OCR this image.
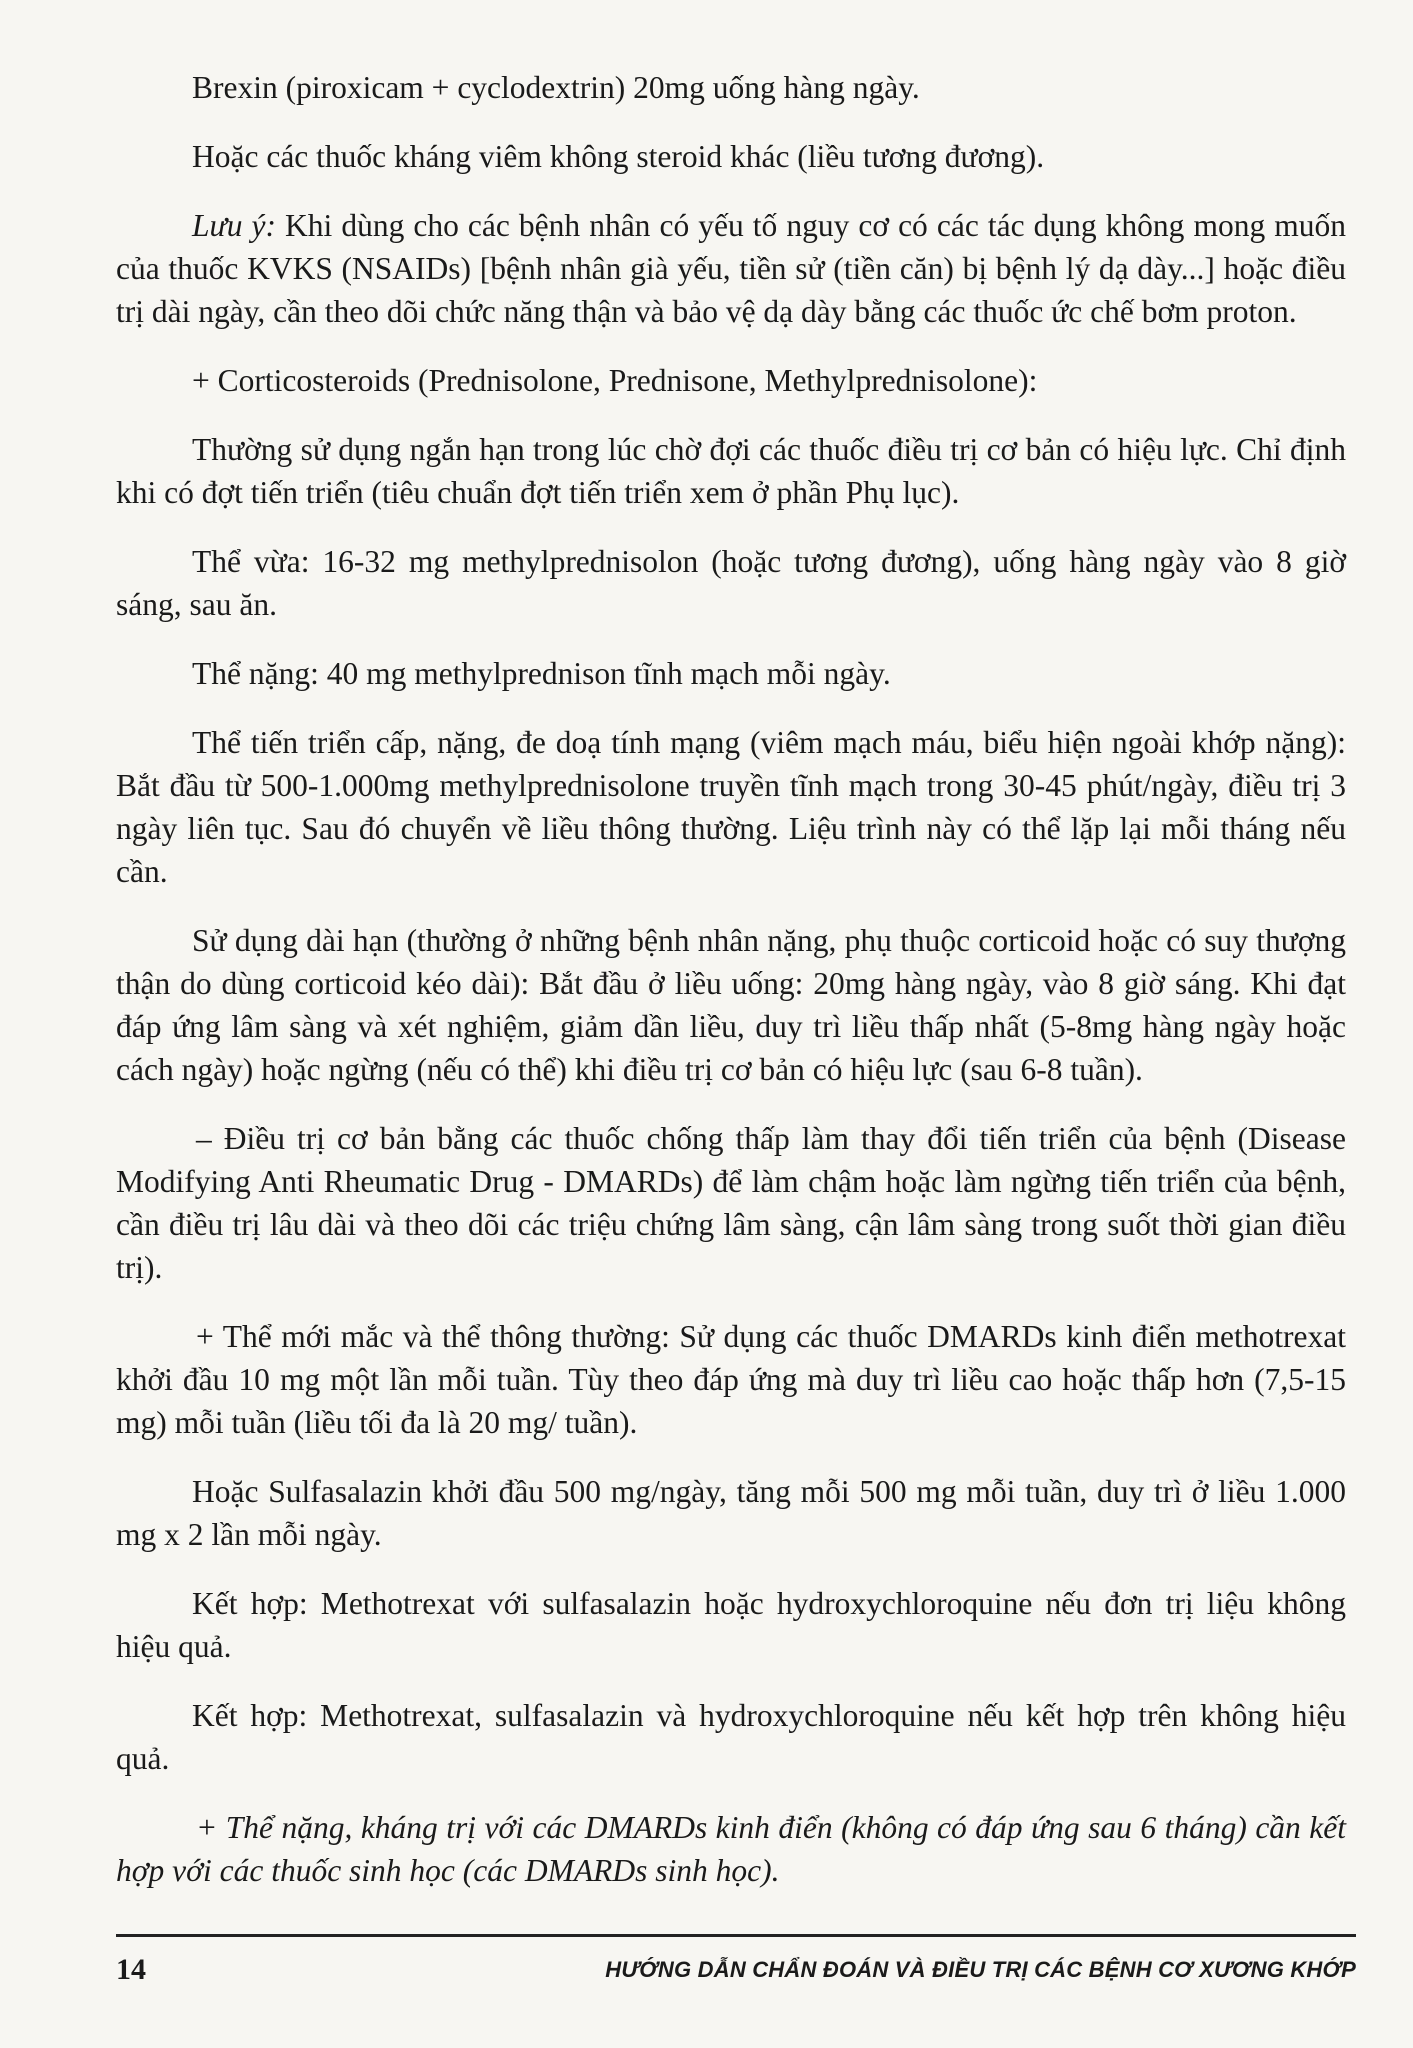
Brexin (piroxicam + cyclodextrin) 20mg uống hàng ngày.

Hoặc các thuốc kháng viêm không steroid khác (liều tương đương).

Lưu ý: Khi dùng cho các bệnh nhân có yếu tố nguy cơ có các tác dụng không mong muốn của thuốc KVKS (NSAIDs) [bệnh nhân già yếu, tiền sử (tiền căn) bị bệnh lý dạ dày...] hoặc điều trị dài ngày, cần theo dõi chức năng thận và bảo vệ dạ dày bằng các thuốc ức chế bơm proton.

+ Corticosteroids (Prednisolone, Prednisone, Methylprednisolone):

Thường sử dụng ngắn hạn trong lúc chờ đợi các thuốc điều trị cơ bản có hiệu lực. Chỉ định khi có đợt tiến triển (tiêu chuẩn đợt tiến triển xem ở phần Phụ lục).

Thể vừa: 16-32 mg methylprednisolon (hoặc tương đương), uống hàng ngày vào 8 giờ sáng, sau ăn.

Thể nặng: 40 mg methylprednison tĩnh mạch mỗi ngày.

Thể tiến triển cấp, nặng, đe doạ tính mạng (viêm mạch máu, biểu hiện ngoài khớp nặng): Bắt đầu từ 500-1.000mg methylprednisolone truyền tĩnh mạch trong 30-45 phút/ngày, điều trị 3 ngày liên tục. Sau đó chuyển về liều thông thường. Liệu trình này có thể lặp lại mỗi tháng nếu cần.

Sử dụng dài hạn (thường ở những bệnh nhân nặng, phụ thuộc corticoid hoặc có suy thượng thận do dùng corticoid kéo dài): Bắt đầu ở liều uống: 20mg hàng ngày, vào 8 giờ sáng. Khi đạt đáp ứng lâm sàng và xét nghiệm, giảm dần liều, duy trì liều thấp nhất (5-8mg hàng ngày hoặc cách ngày) hoặc ngừng (nếu có thể) khi điều trị cơ bản có hiệu lực (sau 6-8 tuần).

– Điều trị cơ bản bằng các thuốc chống thấp làm thay đổi tiến triển của bệnh (Disease Modifying Anti Rheumatic Drug - DMARDs) để làm chậm hoặc làm ngừng tiến triển của bệnh, cần điều trị lâu dài và theo dõi các triệu chứng lâm sàng, cận lâm sàng trong suốt thời gian điều trị).

+ Thể mới mắc và thể thông thường: Sử dụng các thuốc DMARDs kinh điển methotrexat khởi đầu 10 mg một lần mỗi tuần. Tùy theo đáp ứng mà duy trì liều cao hoặc thấp hơn (7,5-15 mg) mỗi tuần (liều tối đa là 20 mg/ tuần).

Hoặc Sulfasalazin khởi đầu 500 mg/ngày, tăng mỗi 500 mg mỗi tuần, duy trì ở liều 1.000 mg x 2 lần mỗi ngày.

Kết hợp: Methotrexat với sulfasalazin hoặc hydroxychloroquine nếu đơn trị liệu không hiệu quả.

Kết hợp: Methotrexat, sulfasalazin và hydroxychloroquine nếu kết hợp trên không hiệu quả.

+ Thể nặng, kháng trị với các DMARDs kinh điển (không có đáp ứng sau 6 tháng) cần kết hợp với các thuốc sinh học (các DMARDs sinh học).

14	HƯỚNG DẪN CHẨN ĐOÁN VÀ ĐIỀU TRỊ CÁC BỆNH CƠ XƯƠNG KHỚP
